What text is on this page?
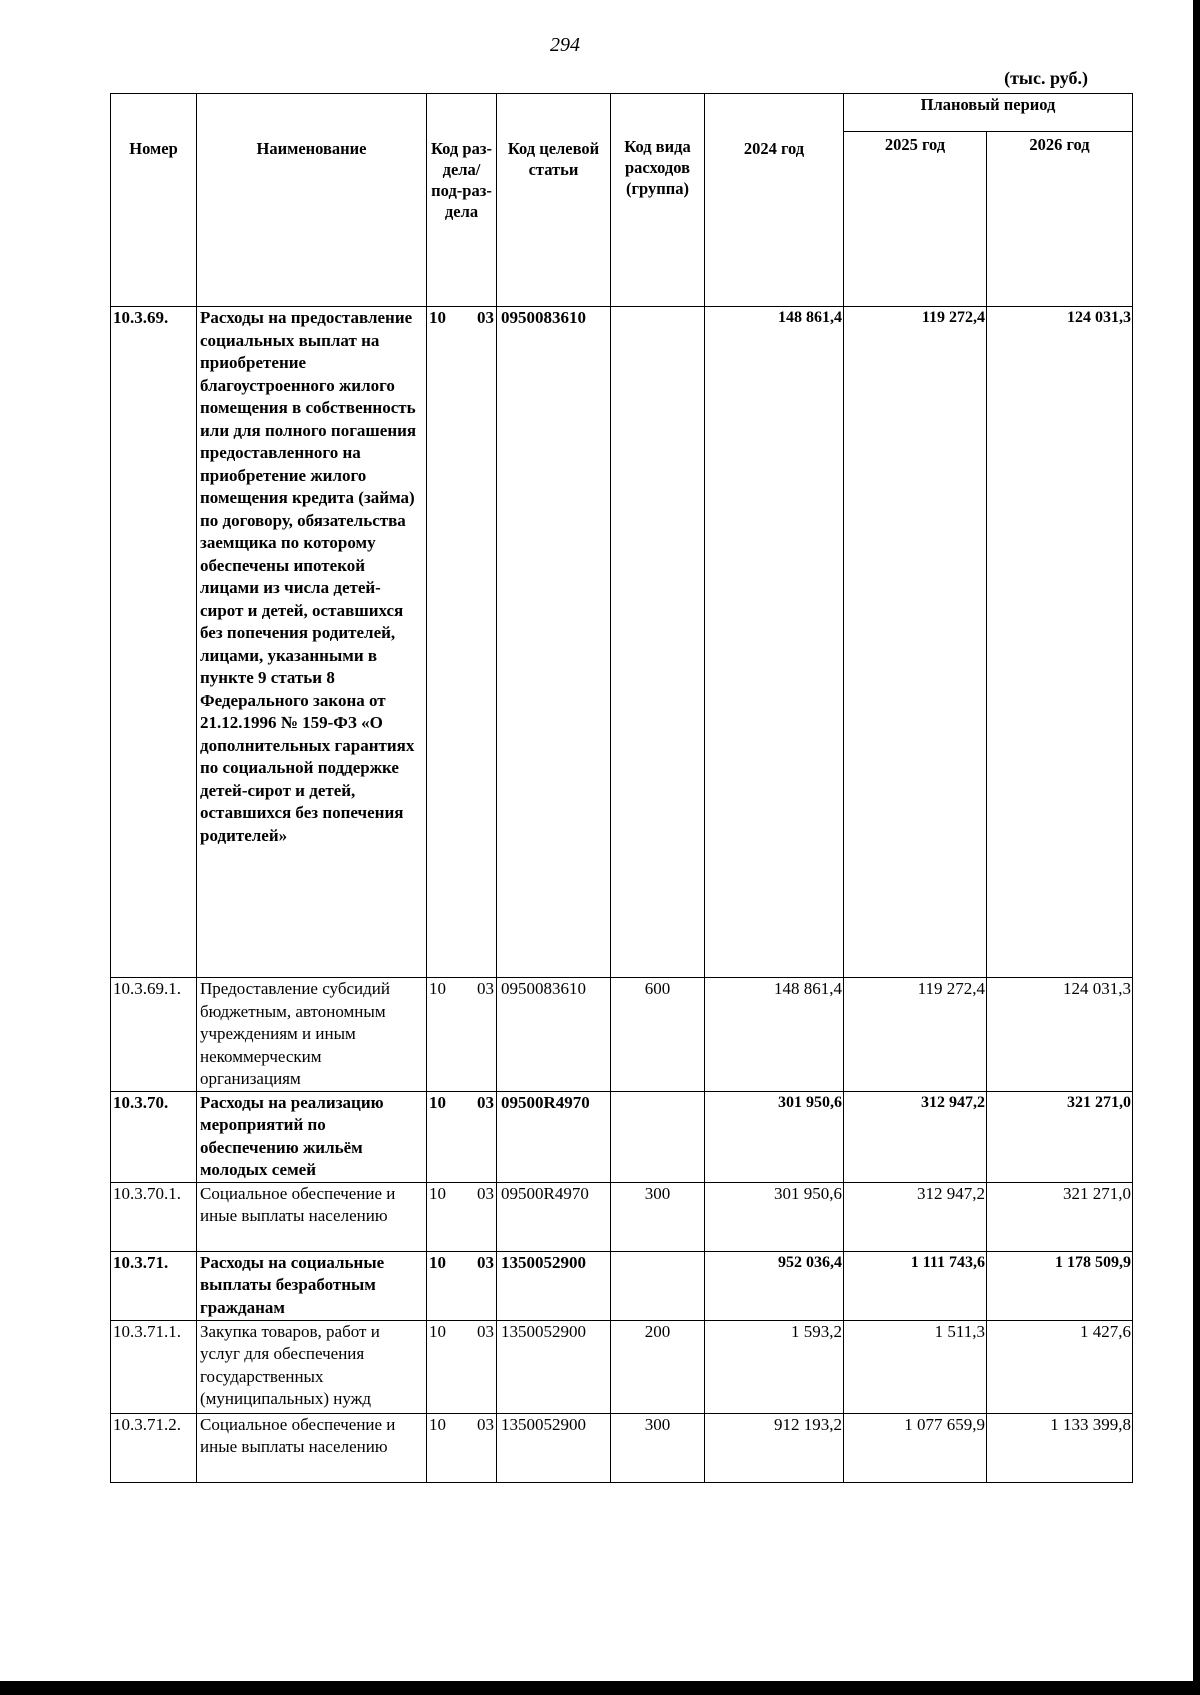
294
(тыс. руб.)
Номер	Наименование	Код раз-дела/ под-раз-дела	Код целевой статьи	Код вида расходов (группа)	2024 год	Плановый период	

						2025 год	2026 год

10.3.69.	Расходы на предоставление социальных выплат на приобретение благоустроенного жилого помещения в собственность или для полного погашения предоставленного на приобретение жилого помещения кредита (займа) по договору, обязательства заемщика по которому обеспечены ипотекой лицами из числа детей-сирот и детей, оставшихся без попечения родителей, лицами, указанными в пункте 9 статьи 8 Федерального закона от 21.12.1996 № 159-ФЗ «О дополнительных гарантиях по социальной поддержке детей-сирот и детей, оставшихся без попечения родителей»	10 03	0950083610		148 861,4	119 272,4	124 031,3
10.3.69.1.	Предоставление субсидий бюджетным, автономным учреждениям и иным некоммерческим организациям	10 03	0950083610	600	148 861,4	119 272,4	124 031,3
10.3.70.	Расходы на реализацию мероприятий по обеспечению жильём молодых семей	10 03	09500R4970		301 950,6	312 947,2	321 271,0
10.3.70.1.	Социальное обеспечение и иные выплаты населению	10 03	09500R4970	300	301 950,6	312 947,2	321 271,0
10.3.71.	Расходы на социальные выплаты безработным гражданам	10 03	1350052900		952 036,4	1 111 743,6	1 178 509,9
10.3.71.1.	Закупка товаров, работ и услуг для обеспечения государственных (муниципальных) нужд	10 03	1350052900	200	1 593,2	1 511,3	1 427,6
10.3.71.2.	Социальное обеспечение и иные выплаты населению	10 03	1350052900	300	912 193,2	1 077 659,9	1 133 399,8
